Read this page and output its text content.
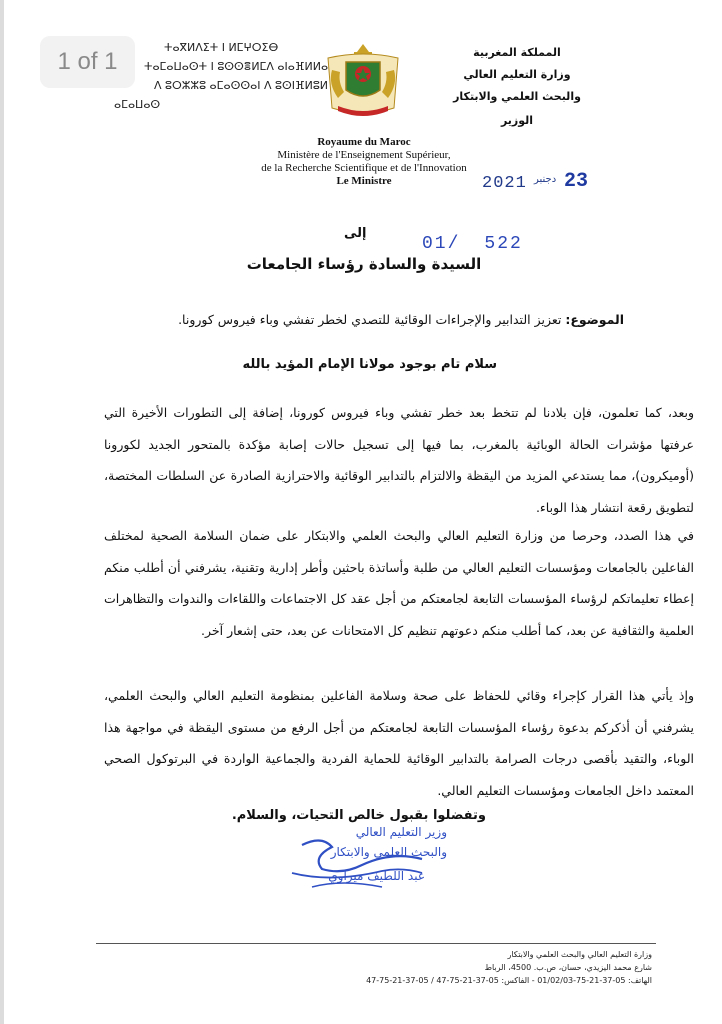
ⵜⴰⴳⵍⴷⵉⵜ ⵏ ⵍⵎⵖⵔⵉⴱ
ⵜⴰⵎⴰⵡⴰⵙⵜ ⵏ ⵓⵙⵙⴻⵍⵎⴷ ⴰⵏⴰⴼⵍⵍⴰ
ⴷ ⵓⵔⵣⵣⵓ ⴰⵎⴰⵙⵙⴰⵏ ⴷ ⵓⵙⵏⴼⵍⵓⵍ
ⴰⵎⴰⵡⴰⵙ
المملكة المغربية
وزارة التعليم العالي
والبحث العلمي والابتكار
الوزير
Royaume du Maroc
Ministère de l'Enseignement Supérieur,
de la Recherche Scientifique et de l'Innovation
Le Ministre	2021 دجنبر 23
إلى
01/ 522
السيدة والسادة رؤساء الجامعات
الموضوع: تعزيز التدابير والإجراءات الوقائية للتصدي لخطر تفشي وباء فيروس كورونا.
سلام تام بوجود مولانا الإمام المؤيد بالله
وبعد، كما تعلمون، فإن بلادنا لم تتخط بعد خطر تفشي وباء فيروس كورونا، إضافة إلى التطورات الأخيرة التي عرفتها مؤشرات الحالة الوبائية بالمغرب، بما فيها إلى تسجيل حالات إصابة مؤكدة بالمتحور الجديد لكورونا (أوميكرون)، مما يستدعي المزيد من اليقظة والالتزام بالتدابير الوقائية والاحترازية الصادرة عن السلطات المختصة، لتطويق رقعة انتشار هذا الوباء.
في هذا الصدد، وحرصا من وزارة التعليم العالي والبحث العلمي والابتكار على ضمان السلامة الصحية لمختلف الفاعلين بالجامعات ومؤسسات التعليم العالي من طلبة وأساتذة باحثين وأطر إدارية وتقنية، يشرفني أن أطلب منكم إعطاء تعليماتكم لرؤساء المؤسسات التابعة لجامعتكم من أجل عقد كل الاجتماعات واللقاءات والندوات والتظاهرات العلمية والثقافية عن بعد، كما أطلب منكم دعوتهم تنظيم كل الامتحانات عن بعد، حتى إشعار آخر.
وإذ يأتي هذا القرار كإجراء وقائي للحفاظ على صحة وسلامة الفاعلين بمنظومة التعليم العالي والبحث العلمي، يشرفني أن أذكركم بدعوة رؤساء المؤسسات التابعة لجامعتكم من أجل الرفع من مستوى اليقظة في مواجهة هذا الوباء، والتقيد بأقصى درجات الصرامة بالتدابير الوقائية للحماية الفردية والجماعية الواردة في البرتوكول الصحي المعتمد داخل الجامعات ومؤسسات التعليم العالي.
وتفضلوا بقبول خالص التحيات، والسلام.
وزير التعليم العالي
والبحث العلمي والابتكار
عبد اللطيف ميراوي
وزارة التعليم العالي والبحث العلمي والابتكار
شارع محمد اليزيدي، حسان، ص.ب. 4500، الرباط
الهاتف: 05-37-21-75-01/02/03 - الفاكس: 05-37-21-75-47 / 05-37-21-75-47
1 of 1
